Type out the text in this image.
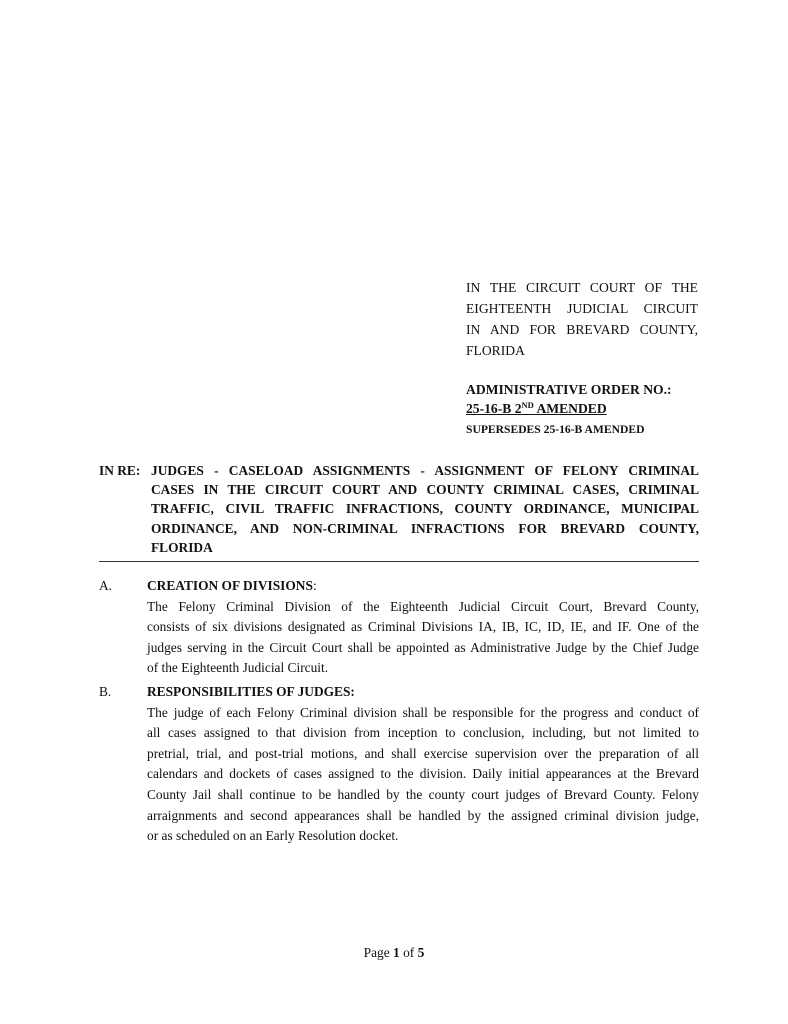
IN THE CIRCUIT COURT OF THE
EIGHTEENTH JUDICIAL CIRCUIT
IN AND FOR BREVARD COUNTY,
FLORIDA
ADMINISTRATIVE ORDER NO.:
25-16-B 2ND AMENDED
SUPERSEDES 25-16-B AMENDED
IN RE: JUDGES - CASELOAD ASSIGNMENTS - ASSIGNMENT OF FELONY CRIMINAL
CASES IN THE CIRCUIT COURT AND COUNTY CRIMINAL CASES, CRIMINAL
TRAFFIC, CIVIL TRAFFIC INFRACTIONS, COUNTY ORDINANCE, MUNICIPAL
ORDINANCE, AND NON-CRIMINAL INFRACTIONS FOR BREVARD COUNTY,
FLORIDA
A.	CREATION OF DIVISIONS:
The Felony Criminal Division of the Eighteenth Judicial Circuit Court, Brevard County,
consists of six divisions designated as Criminal Divisions IA, IB, IC, ID, IE, and IF. One of the
judges serving in the Circuit Court shall be appointed as Administrative Judge by the Chief Judge
of the Eighteenth Judicial Circuit.
B.	RESPONSIBILITIES OF JUDGES:
The judge of each Felony Criminal division shall be responsible for the progress and conduct of
all cases assigned to that division from inception to conclusion, including, but not limited to
pretrial, trial, and post-trial motions, and shall exercise supervision over the preparation of all
calendars and dockets of cases assigned to the division. Daily initial appearances at the Brevard
County Jail shall continue to be handled by the county court judges of Brevard County. Felony
arraignments and second appearances shall be handled by the assigned criminal division judge,
or as scheduled on an Early Resolution docket.
Page 1 of 5
